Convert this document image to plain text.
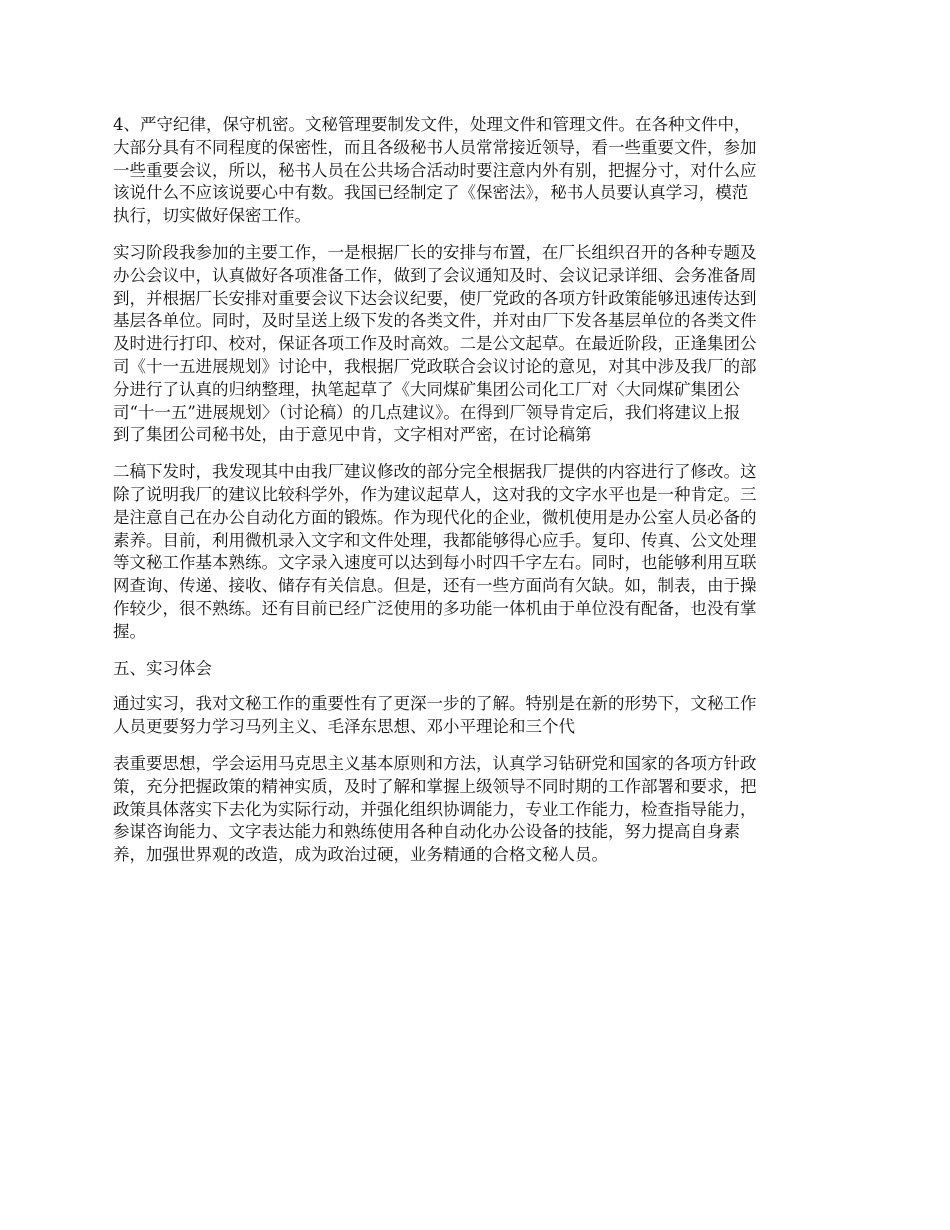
4、严守纪律，保守机密。文秘管理要制发文件，处理文件和管理文件。在各种文件中，
大部分具有不同程度的保密性，而且各级秘书人员常常接近领导，看一些重要文件，参加
一些重要会议，所以，秘书人员在公共场合活动时要注意内外有别，把握分寸，对什么应
该说什么不应该说要心中有数。我国已经制定了《保密法》，秘书人员要认真学习，模范
执行，切实做好保密工作。

实习阶段我参加的主要工作，一是根据厂长的安排与布置，在厂长组织召开的各种专题及
办公会议中，认真做好各项准备工作，做到了会议通知及时、会议记录详细、会务准备周
到，并根据厂长安排对重要会议下达会议纪要，使厂党政的各项方针政策能够迅速传达到
基层各单位。同时，及时呈送上级下发的各类文件，并对由厂下发各基层单位的各类文件
及时进行打印、校对，保证各项工作及时高效。二是公文起草。在最近阶段，正逢集团公
司《十一五进展规划》讨论中，我根据厂党政联合会议讨论的意见，对其中涉及我厂的部
分进行了认真的归纳整理，执笔起草了《大同煤矿集团公司化工厂对〈大同煤矿集团公
司“十一五”进展规划〉（讨论稿）的几点建议》。在得到厂领导肯定后，我们将建议上报
到了集团公司秘书处，由于意见中肯，文字相对严密，在讨论稿第

二稿下发时，我发现其中由我厂建议修改的部分完全根据我厂提供的内容进行了修改。这
除了说明我厂的建议比较科学外，作为建议起草人，这对我的文字水平也是一种肯定。三
是注意自己在办公自动化方面的锻炼。作为现代化的企业，微机使用是办公室人员必备的
素养。目前，利用微机录入文字和文件处理，我都能够得心应手。复印、传真、公文处理
等文秘工作基本熟练。文字录入速度可以达到每小时四千字左右。同时，也能够利用互联
网查询、传递、接收、储存有关信息。但是，还有一些方面尚有欠缺。如，制表，由于操
作较少，很不熟练。还有目前已经广泛使用的多功能一体机由于单位没有配备，也没有掌
握。

五、实习体会

通过实习，我对文秘工作的重要性有了更深一步的了解。特别是在新的形势下，文秘工作
人员更要努力学习马列主义、毛泽东思想、邓小平理论和三个代

表重要思想，学会运用马克思主义基本原则和方法，认真学习钻研党和国家的各项方针政
策，充分把握政策的精神实质，及时了解和掌握上级领导不同时期的工作部署和要求，把
政策具体落实下去化为实际行动，并强化组织协调能力，专业工作能力，检查指导能力，
参谋咨询能力、文字表达能力和熟练使用各种自动化办公设备的技能，努力提高自身素
养，加强世界观的改造，成为政治过硬，业务精通的合格文秘人员。
